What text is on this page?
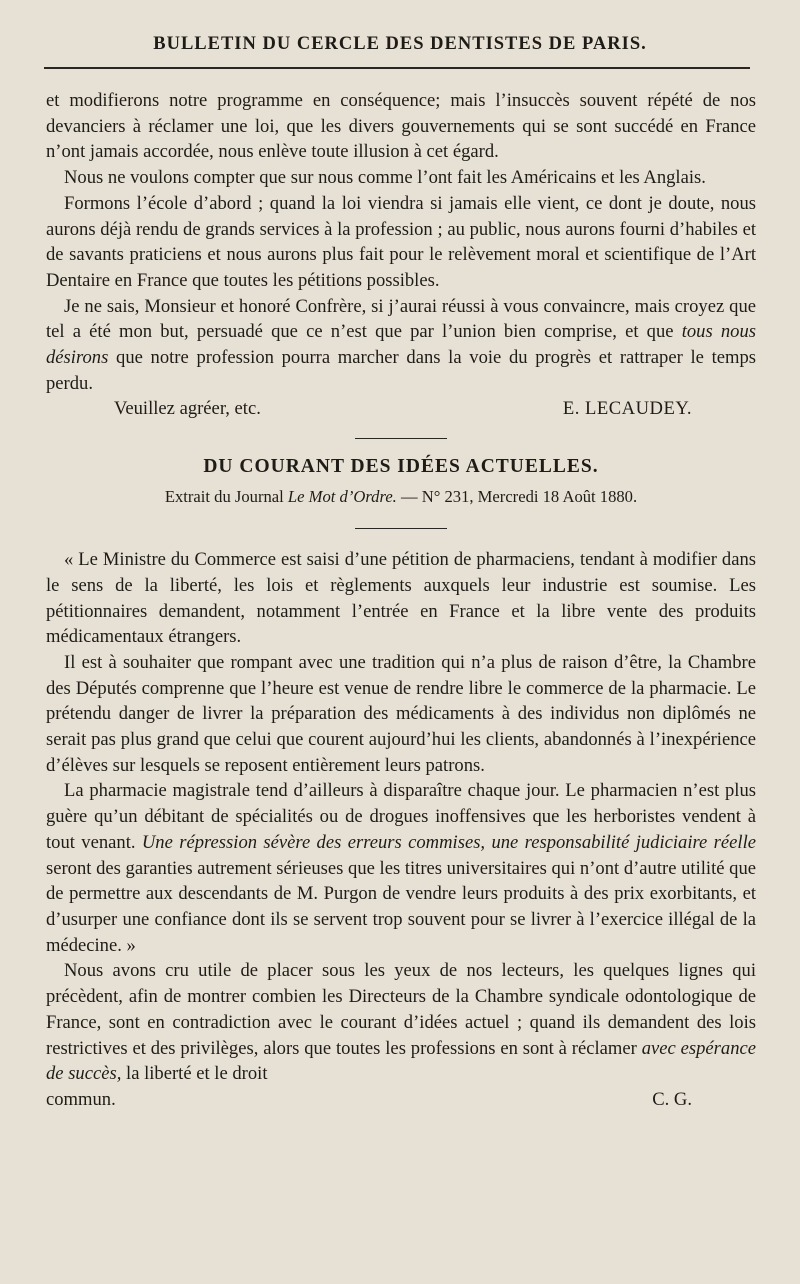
BULLETIN DU CERCLE DES DENTISTES DE PARIS.

et modifierons notre programme en conséquence; mais l’insuccès souvent répété de nos devanciers à réclamer une loi, que les divers gouvernements qui se sont succédé en France n’ont jamais accordée, nous enlève toute illusion à cet égard.

Nous ne voulons compter que sur nous comme l’ont fait les Américains et les Anglais.

Formons l’école d’abord ; quand la loi viendra si jamais elle vient, ce dont je doute, nous aurons déjà rendu de grands services à la profession ; au public, nous aurons fourni d’habiles et de savants praticiens et nous aurons plus fait pour le relèvement moral et scientifique de l’Art Dentaire en France que toutes les pétitions possibles.

Je ne sais, Monsieur et honoré Confrère, si j’aurai réussi à vous convaincre, mais croyez que tel a été mon but, persuadé que ce n’est que par l’union bien comprise, et que tous nous désirons que notre profession pourra marcher dans la voie du progrès et rattraper le temps perdu.

Veuillez agréer, etc.	E. LECAUDEY.
DU COURANT DES IDÉES ACTUELLES.
Extrait du Journal Le Mot d’Ordre. — N° 231, Mercredi 18 Août 1880.

« Le Ministre du Commerce est saisi d’une pétition de pharmaciens, tendant à modifier dans le sens de la liberté, les lois et règlements auxquels leur industrie est soumise. Les pétitionnaires demandent, notamment l’entrée en France et la libre vente des produits médicamentaux étrangers.

Il est à souhaiter que rompant avec une tradition qui n’a plus de raison d’être, la Chambre des Députés comprenne que l’heure est venue de rendre libre le commerce de la pharmacie. Le prétendu danger de livrer la préparation des médicaments à des individus non diplômés ne serait pas plus grand que celui que courent aujourd’hui les clients, abandonnés à l’inexpérience d’élèves sur lesquels se reposent entièrement leurs patrons.

La pharmacie magistrale tend d’ailleurs à disparaître chaque jour. Le pharmacien n’est plus guère qu’un débitant de spécialités ou de drogues inoffensives que les herboristes vendent à tout venant. Une répression sévère des erreurs commises, une responsabilité judiciaire réelle seront des garanties autrement sérieuses que les titres universitaires qui n’ont d’autre utilité que de permettre aux descendants de M. Purgon de vendre leurs produits à des prix exorbitants, et d’usurper une confiance dont ils se servent trop souvent pour se livrer à l’exercice illégal de la médecine. »

Nous avons cru utile de placer sous les yeux de nos lecteurs, les quelques lignes qui précèdent, afin de montrer combien les Directeurs de la Chambre syndicale odontologique de France, sont en contradiction avec le courant d’idées actuel ; quand ils demandent des lois restrictives et des privilèges, alors que toutes les professions en sont à réclamer avec espérance de succès, la liberté et le droit

commun.	C. G.
